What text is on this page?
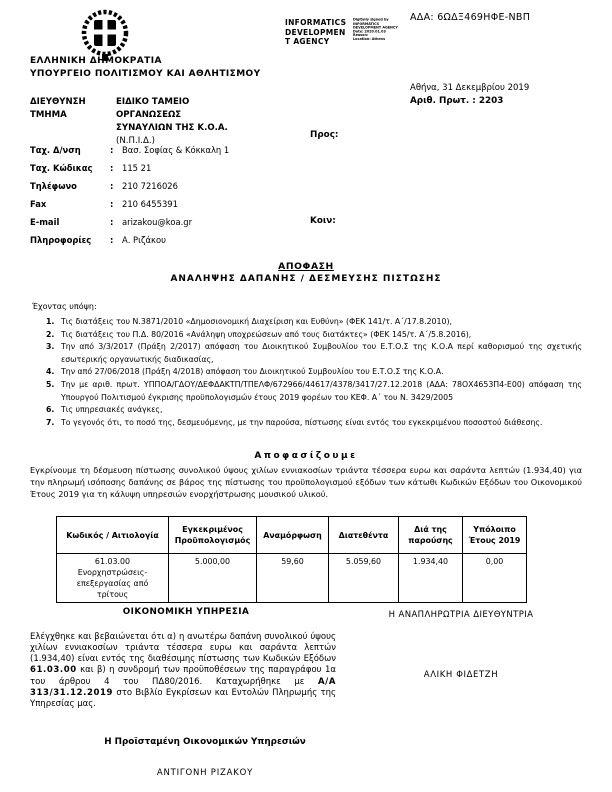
INFORMATICS
DEVELOPMEN
T AGENCY
Digitally signed by
INFORMATICS
DEVELOPMENT AGENCY
Date: 2020.01.03
Reason:
Location: Athens
ΑΔΑ: 6ΩΔΞ469ΗΦΕ-ΝΒΠ
ΕΛΛΗΝΙΚΗ ΔΗΜΟΚΡΑΤΙΑ
ΥΠΟΥΡΓΕΙΟ ΠΟΛΙΤΙΣΜΟΥ ΚΑΙ ΑΘΛΗΤΙΣΜΟΥ
Αθήνα, 31 Δεκεμβρίου 2019
Αριθ. Πρωτ. : 2203
ΔΙΕΥΘΥΝΣΗ
ΤΜΗΜΑ
ΕΙΔΙΚΟ ΤΑΜΕΙΟ
ΟΡΓΑΝΩΣΕΩΣ
ΣΥΝΑΥΛΙΩΝ ΤΗΣ Κ.Ο.Α.
(Ν.Π.Ι.Δ.)
Προς:
Κοιν:
Ταχ. Δ/νση	:	Βασ. Σοφίας & Κόκκαλη 1
Ταχ. Κώδικας	:	115 21
Τηλέφωνο	:	210 7216026
Fax	:	210 6455391
E-mail	:	arizakou@koa.gr
Πληροφορίες	:	Α. Ριζάκου
ΑΠΟΦΑΣΗ
ΑΝΑΛΗΨΗΣ ΔΑΠΑΝΗΣ / ΔΕΣΜΕΥΣΗΣ ΠΙΣΤΩΣΗΣ
Έχοντας υπόψη:
1. Τις διατάξεις του Ν.3871/2010 «Δημοσιονομική Διαχείριση και Ευθύνη» (ΦΕΚ 141/τ. Α΄/17.8.2010),
2. Τις διατάξεις του Π.Δ. 80/2016 «Ανάληψη υποχρεώσεων από τους διατάκτες» (ΦΕΚ 145/τ. Α΄/5.8.2016),
3. Την από 3/3/2017 (Πράξη 2/2017) απόφαση του Διοικητικού Συμβουλίου του Ε.Τ.Ο.Σ της Κ.Ο.Α περί καθορισμού της σχετικής εσωτερικής οργανωτικής διαδικασίας,
4. Την από 27/06/2018 (Πράξη 4/2018) απόφαση του Διοικητικού Συμβουλίου του Ε.Τ.Ο.Σ της Κ.Ο.Α.
5. Την με αριθ. πρωτ. ΥΠΠΟΑ/ΓΔΟΥ/ΔΕΦΔΑΚΤΠ/ΤΠΕΛΦ/672966/44617/4378/3417/27.12.2018 (ΑΔΑ: 78ΟΧ4653Π4-Ε00) απόφαση της Υπουργού Πολιτισμού έγκρισης προϋπολογισμών έτους 2019 φορέων του ΚΕΦ. Α΄ του Ν. 3429/2005
6. Τις υπηρεσιακές ανάγκες,
7. Το γεγονός ότι, το ποσό της, δεσμευόμενης, με την παρούσα, πίστωσης είναι εντός του εγκεκριμένου ποσοστού διάθεσης.
Αποφασίζουμε
Εγκρίνουμε τη δέσμευση πίστωσης συνολικού ύψους χιλίων εννιακοσίων τριάντα τέσσερα ευρω και σαράντα λεπτών (1.934,40) για την πληρωμή ισόποσης δαπάνης σε βάρος της πίστωσης του προϋπολογισμού εξόδων των κάτωθι Κωδικών Εξόδων του Οικονομικού Έτους 2019 για τη κάλυψη υπηρεσιών ενορχήστρωσης μουσικού υλικού.
Κωδικός / Αιτιολογία	Εγκεκριμένος Προϋπολογισμός	Αναμόρφωση	Διατεθέντα	Διά της παρούσης	Υπόλοιπο Έτους 2019

61.03.00
Ενορχηστρώσεις-επεξεργασίας από τρίτους	5.000,00	59,60	5.059,60	1.934,40	0,00
ΟΙΚΟΝΟΜΙΚΗ ΥΠΗΡΕΣΙΑ

Ελέγχθηκε και βεβαιώνεται ότι α) η ανωτέρω δαπάνη συνολικού ύψους χιλίων εννιακοσίων τριάντα τέσσερα ευρω και σαράντα λεπτών (1.934,40) είναι εντός της διαθέσιμης πίστωσης των Κωδικών Εξόδων 61.03.00 και β) η συνδρομή των προϋποθέσεων της παραγράφου 1α του άρθρου 4 του ΠΔ80/2016. Καταχωρήθηκε με Α/Α 313/31.12.2019 στο Βιβλίο Εγκρίσεων και Εντολών Πληρωμής της Υπηρεσίας μας.

Η ΑΝΑΠΛΗΡΩΤΡΙΑ ΔΙΕΥΘΥΝΤΡΙΑ
ΑΛΙΚΗ ΦΙΔΕΤΖΗ
Η Προϊσταμένη Οικονομικών Υπηρεσιών
ΑΝΤΙΓΟΝΗ ΡΙΖΑΚΟΥ
